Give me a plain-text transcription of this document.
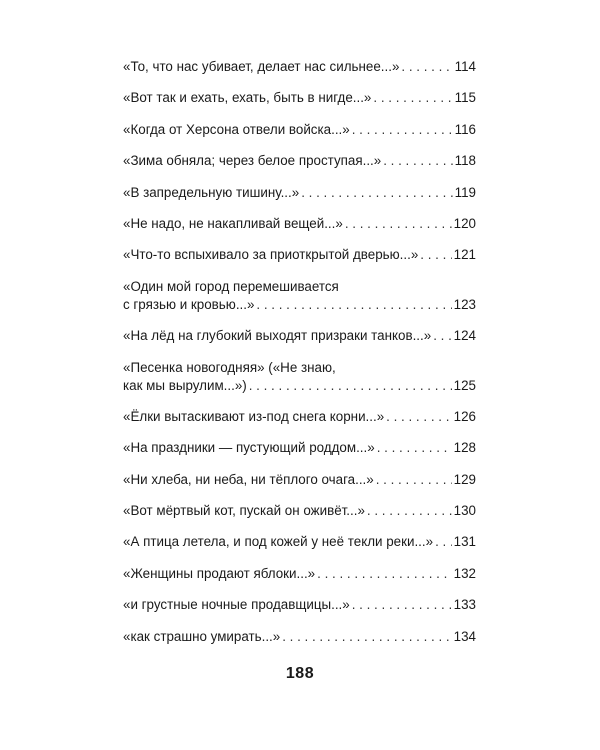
«То, что нас убивает, делает нас сильнее...» . . .	114
«Вот так и ехать, ехать, быть в нигде...» . . .	115
«Когда от Херсона отвели войска...» . . .	116
«Зима обняла; через белое проступая...» . . .	118
«В запредельную тишину...» . . .	119
«Не надо, не накапливай вещей...» . . .	120
«Что-то вспыхивало за приоткрытой дверью...» . . .	121
«Один мой город перемешивается
с грязью и кровью...» . . .	123
«На лёд на глубокий выходят призраки танков...» . . . 124
«Песенка новогодняя» («Не знаю,
как мы вырулим...») . . .	125
«Ёлки вытаскивают из-под снега корни...» . . .	126
«На праздники — пустующий роддом...» . . .	128
«Ни хлеба, ни неба, ни тёплого очага...» . . .	129
«Вот мёртвый кот, пускай он оживёт...» . . .	130
«А птица летела, и под кожей у неё текли реки...» . . . 131
«Женщины продают яблоки...» . . .	132
«и грустные ночные продавщицы...» . . .	133
«как страшно умирать...» . . .	134
188
